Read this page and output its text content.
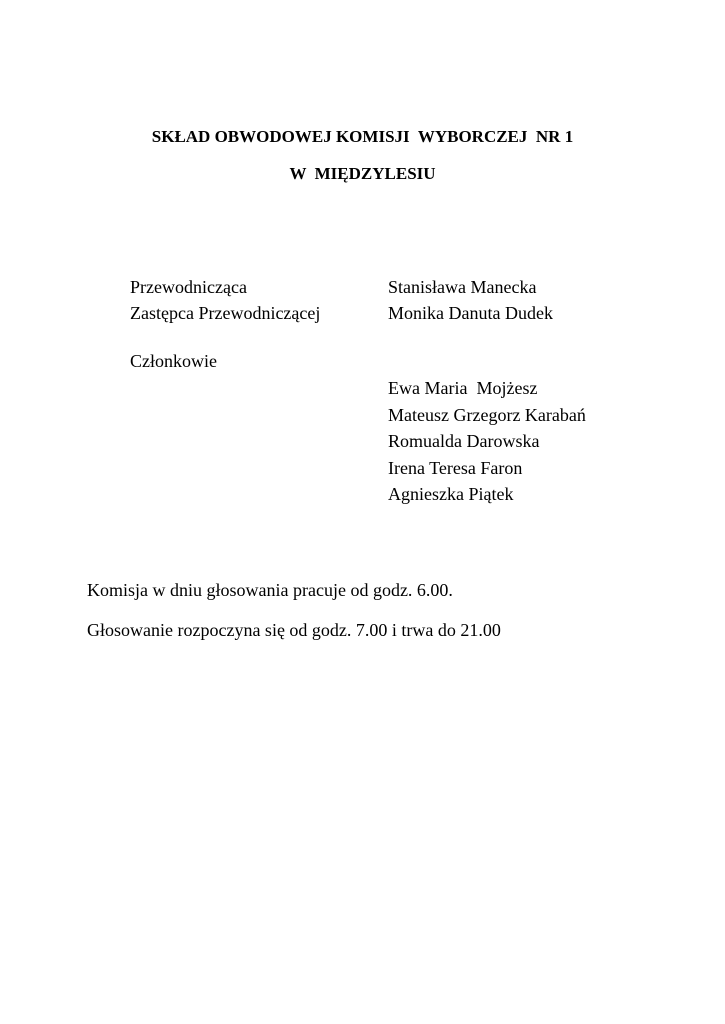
SKŁAD OBWODOWEJ KOMISJI  WYBORCZEJ  NR 1
W  MIĘDZYLESIU
Przewodnicząca	Stanisława Manecka
Zastępca Przewodniczącej	Monika Danuta Dudek
Członkowie
Ewa Maria  Mojżesz
Mateusz Grzegorz Karabań
Romualda Darowska
Irena Teresa Faron
Agnieszka Piątek
Komisja w dniu głosowania pracuje od godz. 6.00.
Głosowanie rozpoczyna się od godz. 7.00 i trwa do 21.00
